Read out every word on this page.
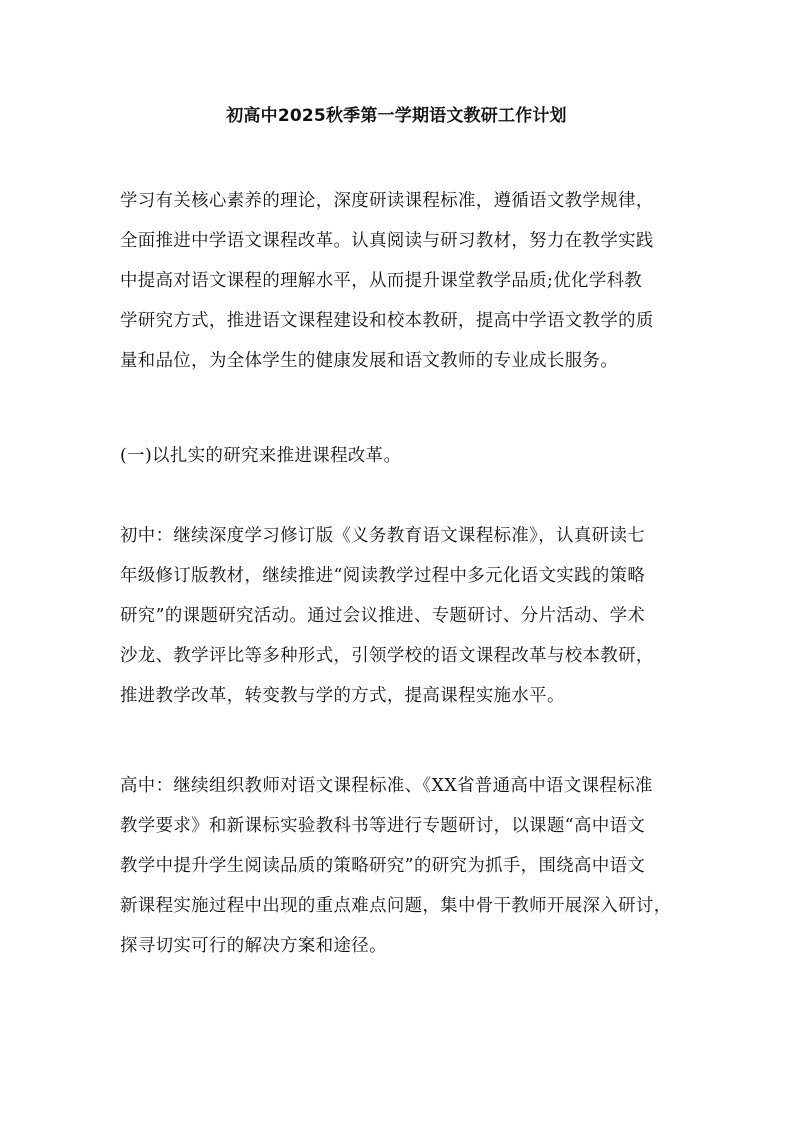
初高中2025秋季第一学期语文教研工作计划
学习有关核心素养的理论，深度研读课程标准，遵循语文教学规律，
全面推进中学语文课程改革。认真阅读与研习教材，努力在教学实践
中提高对语文课程的理解水平，从而提升课堂教学品质;优化学科教
学研究方式，推进语文课程建设和校本教研，提高中学语文教学的质
量和品位，为全体学生的健康发展和语文教师的专业成长服务。
(一)以扎实的研究来推进课程改革。
初中：继续深度学习修订版《义务教育语文课程标准》，认真研读七
年级修订版教材，继续推进“阅读教学过程中多元化语文实践的策略
研究”的课题研究活动。通过会议推进、专题研讨、分片活动、学术
沙龙、教学评比等多种形式，引领学校的语文课程改革与校本教研，
推进教学改革，转变教与学的方式，提高课程实施水平。
高中：继续组织教师对语文课程标准、《XX省普通高中语文课程标准
教学要求》和新课标实验教科书等进行专题研讨，以课题“高中语文
教学中提升学生阅读品质的策略研究”的研究为抓手，围绕高中语文
新课程实施过程中出现的重点难点问题，集中骨干教师开展深入研讨，
探寻切实可行的解决方案和途径。
